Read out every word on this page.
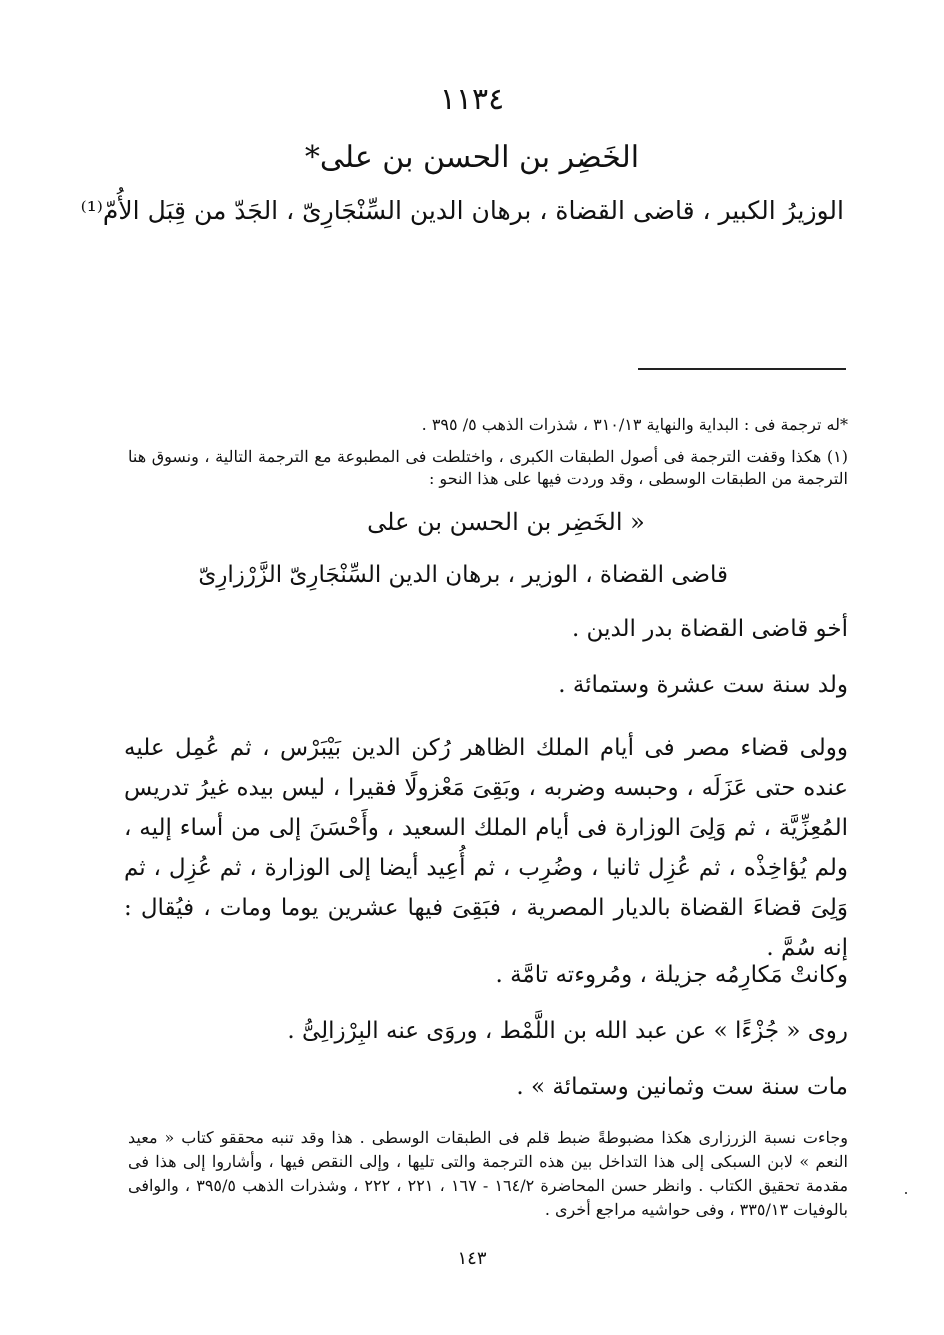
١١٣٤
الخَضِر بن الحسن بن على*
الوزيرُ الكبير ، قاضى القضاة ، برهان الدين السِّنْجَارِىّ ، الجَدّ من قِبَل الأُمّ⁽¹⁾
*له ترجمة فى : البداية والنهاية ٣١٠/١٣ ، شذرات الذهب ٥/ ٣٩٥ .
(١) هكذا وقفت الترجمة فى أصول الطبقات الكبرى ، واختلطت فى المطبوعة مع الترجمة التالية ، ونسوق هنا الترجمة من الطبقات الوسطى ، وقد وردت فيها على هذا النحو :
« الخَضِر بن الحسن بن على
قاضى القضاة ، الوزير ، برهان الدين السِّنْجَارِىّ الزَّرْزارِىّ
أخو قاضى القضاة بدر الدين .
ولد سنة ست عشرة وستمائة .
وولى قضاء مصر فى أيام الملك الظاهر رُكن الدين بَيْبَرْس ، ثم عُمِل عليه عنده حتى عَزَلَه ، وحبسه وضربه ، وبَقِىَ مَعْزولًا فقيرا ، ليس بيده غيرُ تدريس المُعِزِّيَّة ، ثم وَلِىَ الوزارة فى أيام الملك السعيد ، وأَحْسَنَ إلى من أساء إليه ، ولم يُؤاخِذْه ، ثم عُزِل ثانيا ، وضُرِب ، ثم أُعِيد أيضا إلى الوزارة ، ثم عُزِل ، ثم وَلِىَ قضاءَ القضاة بالديار المصرية ، فبَقِىَ فيها عشرين يوما ومات ، فيُقال : إنه سُمَّ .
وكانتْ مَكارِمُه جزيلة ، ومُروءته تامَّة .
روى « جُزْءًا » عن عبد الله بن اللَّمْط ، وروَى عنه البِرْزالِىُّ .
مات سنة ست وثمانين وستمائة » .
وجاءت نسبة الزرزارى هكذا مضبوطةً ضبط قلم فى الطبقات الوسطى . هذا وقد تنبه محققو كتاب « معيد النعم » لابن السبكى إلى هذا التداخل بين هذه الترجمة والتى تليها ، وإلى النقص فيها ، وأشاروا إلى هذا فى مقدمة تحقيق الكتاب . وانظر حسن المحاضرة ١٦٤/٢ - ١٦٧ ، ٢٢١ ، ٢٢٢ ، وشذرات الذهب ٣٩٥/٥ ، والوافى بالوفيات ٣٣٥/١٣ ، وفى حواشيه مراجع أخرى .
١٤٣
